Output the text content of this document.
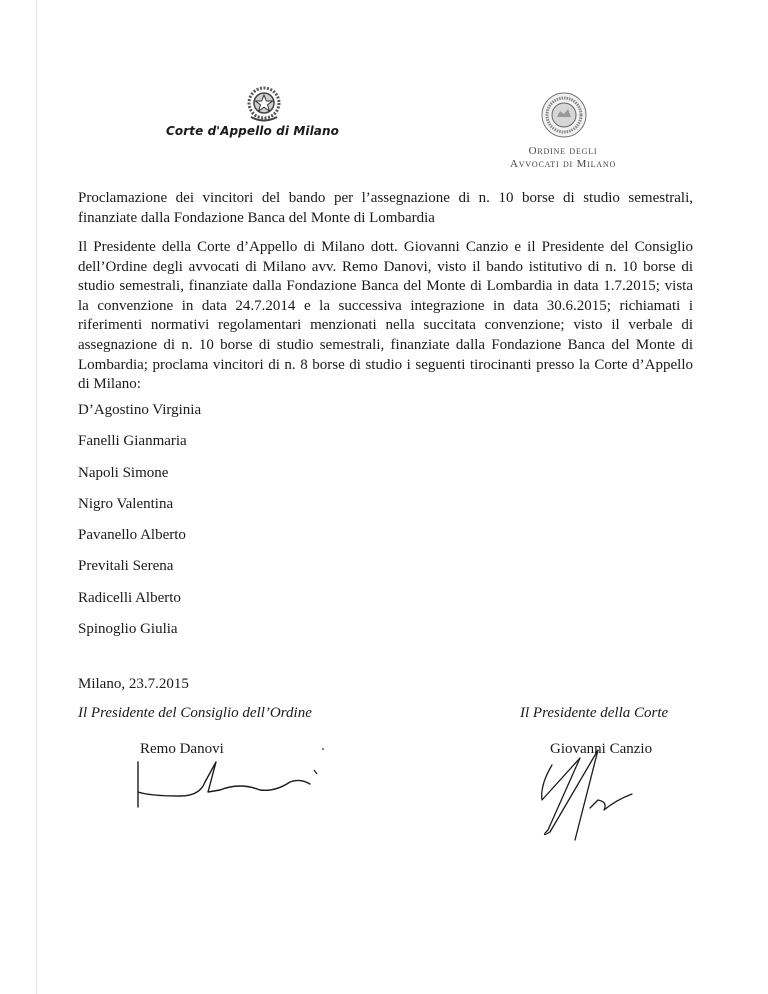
Corte d'Appello di Milano
Ordine degli
Avvocati di Milano
Proclamazione dei vincitori del bando per l’assegnazione di n. 10 borse di studio semestrali, finanziate dalla Fondazione Banca del Monte di Lombardia
Il Presidente della Corte d’Appello di Milano dott. Giovanni Canzio e il Presidente del Consiglio dell’Ordine degli avvocati di Milano avv. Remo Danovi, visto il bando istitutivo di n. 10 borse di studio semestrali, finanziate dalla Fondazione Banca del Monte di Lombardia in data 1.7.2015; vista la convenzione in data 24.7.2014 e la successiva integrazione in data 30.6.2015; richiamati i riferimenti normativi regolamentari menzionati nella succitata convenzione; visto il verbale di assegnazione di n. 10 borse di studio semestrali, finanziate dalla Fondazione Banca del Monte di Lombardia; proclama vincitori di n. 8 borse di studio i seguenti tirocinanti presso la Corte d’Appello di Milano:
D’Agostino Virginia
Fanelli Gianmaria
Napoli Simone
Nigro Valentina
Pavanello Alberto
Previtali Serena
Radicelli Alberto
Spinoglio Giulia
Milano, 23.7.2015
Il Presidente del Consiglio dell’Ordine	Il Presidente della Corte
Remo Danovi	Giovanni Canzio
